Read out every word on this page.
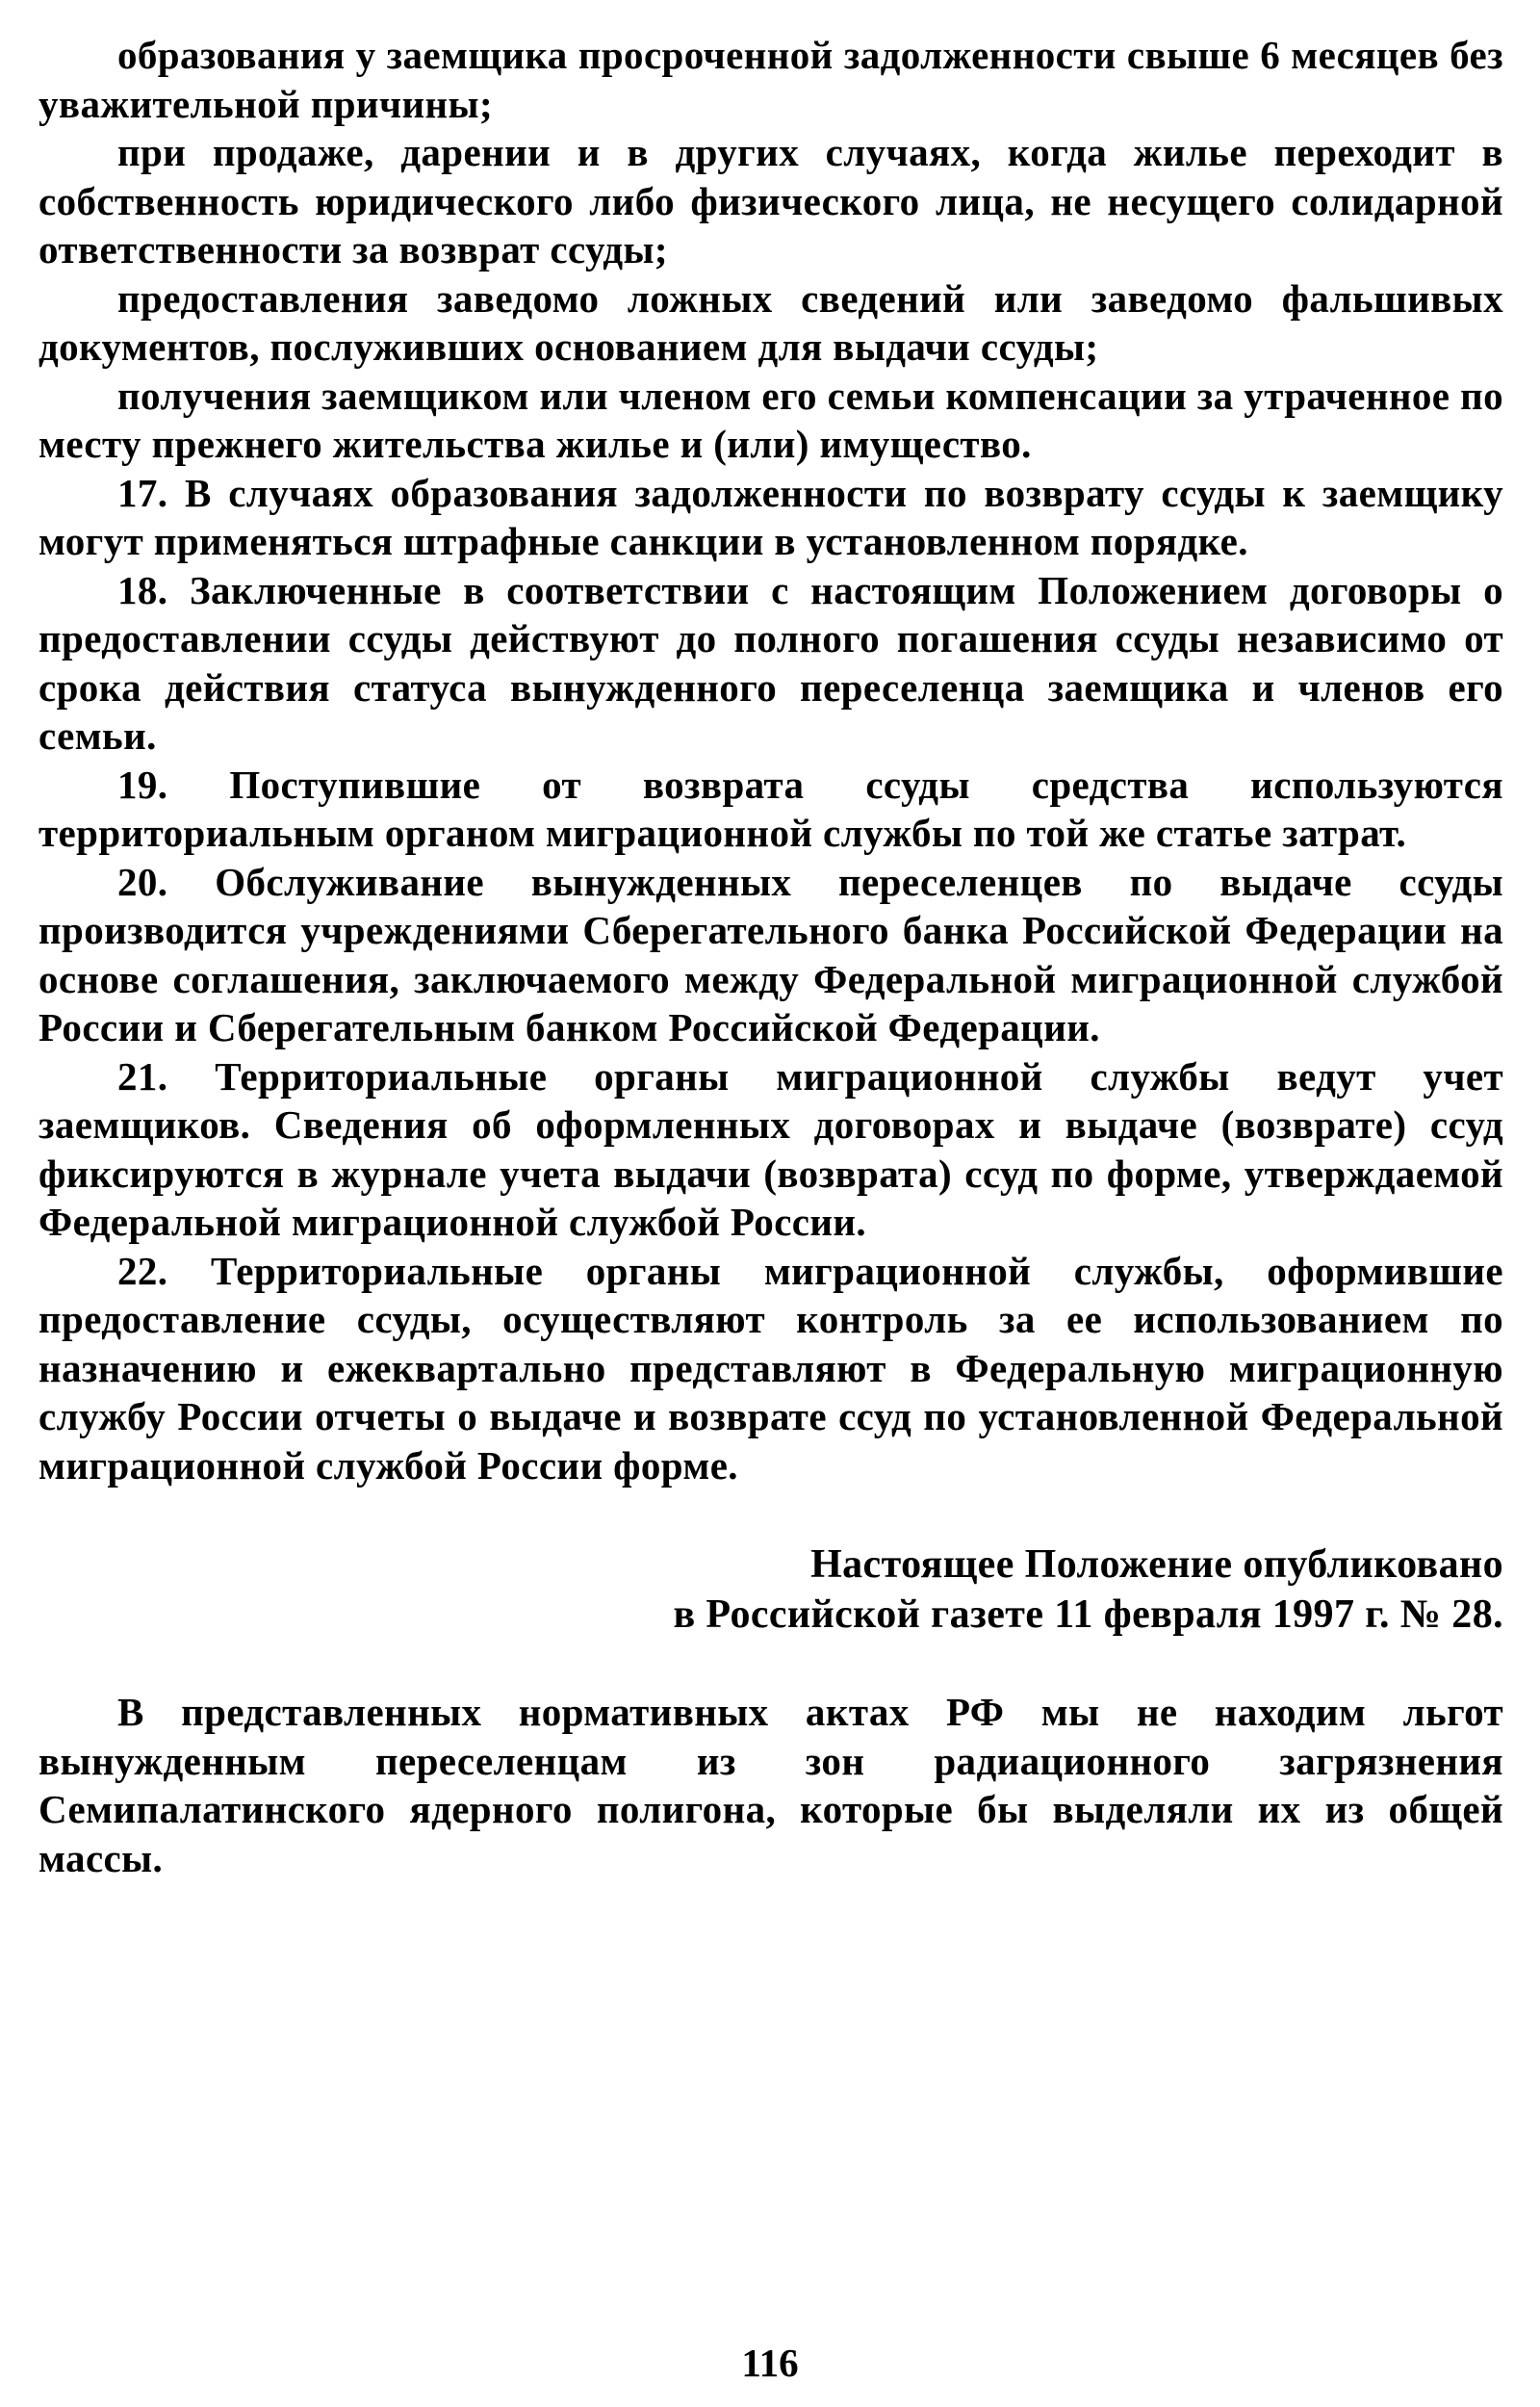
образования у заемщика просроченной задолженности свыше 6 месяцев без уважительной причины;

при продаже, дарении и в других случаях, когда жилье переходит в собственность юридического либо физического лица, не несущего солидарной ответственности за возврат ссуды;

предоставления заведомо ложных сведений или заведомо фальшивых документов, послуживших основанием для выдачи ссуды;

получения заемщиком или членом его семьи компенсации за утраченное по месту прежнего жительства жилье и (или) имущество.

17. В случаях образования задолженности по возврату ссуды к заемщику могут применяться штрафные санкции в установленном порядке.

18. Заключенные в соответствии с настоящим Положением договоры о предоставлении ссуды действуют до полного погашения ссуды независимо от срока действия статуса вынужденного переселенца заемщика и членов его семьи.

19. Поступившие от возврата ссуды средства используются территориальным органом миграционной службы по той же статье затрат.

20. Обслуживание вынужденных переселенцев по выдаче ссуды производится учреждениями Сберегательного банка Российской Федерации на основе соглашения, заключаемого между Федеральной миграционной службой России и Сберегательным банком Российской Федерации.

21. Территориальные органы миграционной службы ведут учет заемщиков. Сведения об оформленных договорах и выдаче (возврате) ссуд фиксируются в журнале учета выдачи (возврата) ссуд по форме, утверждаемой Федеральной миграционной службой России.

22. Территориальные органы миграционной службы, оформившие предоставление ссуды, осуществляют контроль за ее использованием по назначению и ежеквартально представляют в Федеральную миграционную службу России отчеты о выдаче и возврате ссуд по установленной Федеральной миграционной службой России форме.

Настоящее Положение опубликовано
в Российской газете 11 февраля 1997 г. № 28.

В представленных нормативных актах РФ мы не находим льгот вынужденным переселенцам из зон радиационного загрязнения Семипалатинского ядерного полигона, которые бы выделяли их из общей массы.

116
